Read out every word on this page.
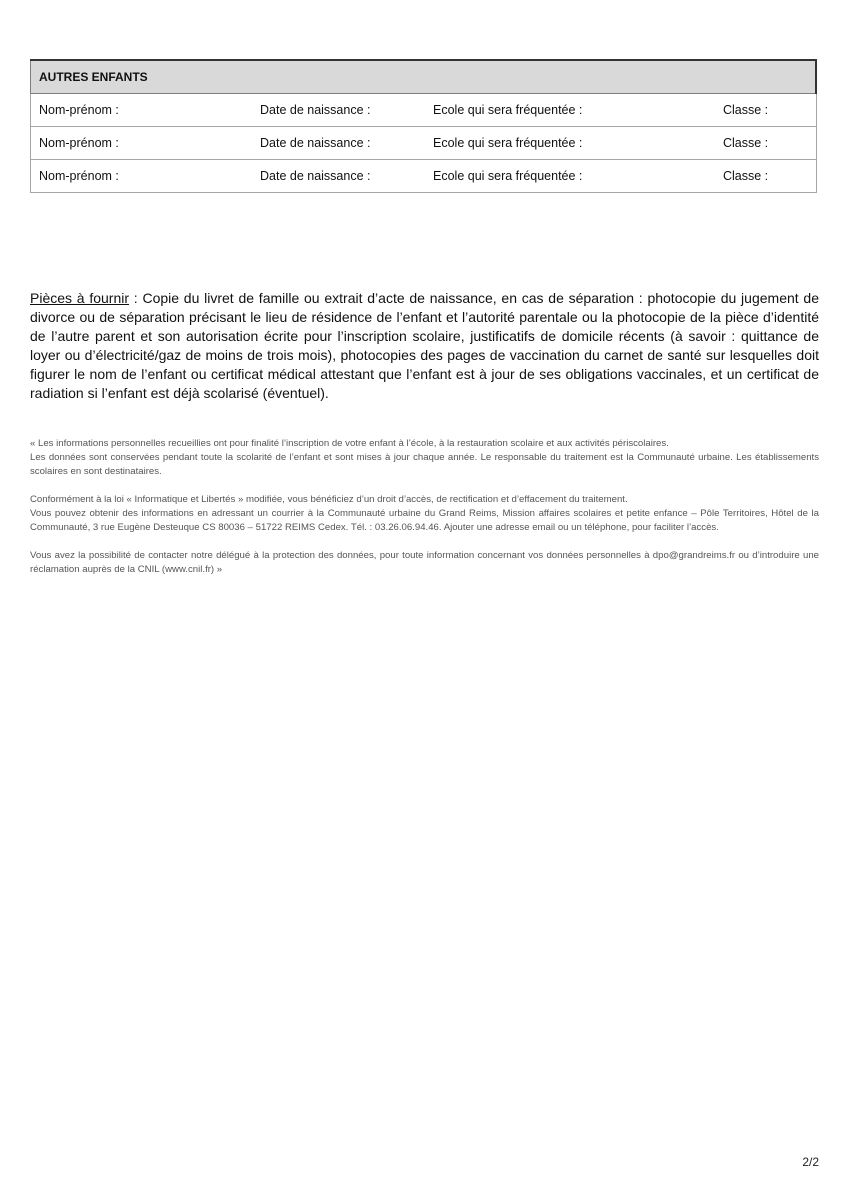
AUTRES ENFANTS			
Nom-prénom :	Date de naissance :	Ecole qui sera fréquentée :	Classe :
Nom-prénom :	Date de naissance :	Ecole qui sera fréquentée :	Classe :
Nom-prénom :	Date de naissance :	Ecole qui sera fréquentée :	Classe :

Pièces à fournir : Copie du livret de famille ou extrait d’acte de naissance, en cas de séparation : photocopie du jugement de divorce ou de séparation précisant le lieu de résidence de l’enfant et l’autorité parentale ou la photocopie de la pièce d’identité de l’autre parent et son autorisation écrite pour l’inscription scolaire, justificatifs de domicile récents (à savoir : quittance de loyer ou d’électricité/gaz de moins de trois mois), photocopies des pages de vaccination du carnet de santé sur lesquelles doit figurer le nom de l’enfant ou certificat médical attestant que l’enfant est à jour de ses obligations vaccinales, et un certificat de radiation si l’enfant est déjà scolarisé (éventuel).

« Les informations personnelles recueillies ont pour finalité l’inscription de votre enfant à l’école, à la restauration scolaire et aux activités périscolaires.

Les données sont conservées pendant toute la scolarité de l’enfant et sont mises à jour chaque année. Le responsable du traitement est la Communauté urbaine. Les établissements scolaires en sont destinataires.

Conformément à la loi « Informatique et Libertés » modifiée, vous bénéficiez d’un droit d’accès, de rectification et d’effacement du traitement.

Vous pouvez obtenir des informations en adressant un courrier à la Communauté urbaine du Grand Reims, Mission affaires scolaires et petite enfance – Pôle Territoires, Hôtel de la Communauté, 3 rue Eugène Desteuque CS 80036 – 51722 REIMS Cedex. Tél. : 03.26.06.94.46. Ajouter une adresse email ou un téléphone, pour faciliter l’accès.

Vous avez la possibilité de contacter notre délégué à la protection des données, pour toute information concernant vos données personnelles à dpo@grandreims.fr ou d’introduire une réclamation auprès de la CNIL (www.cnil.fr) »

2/2
